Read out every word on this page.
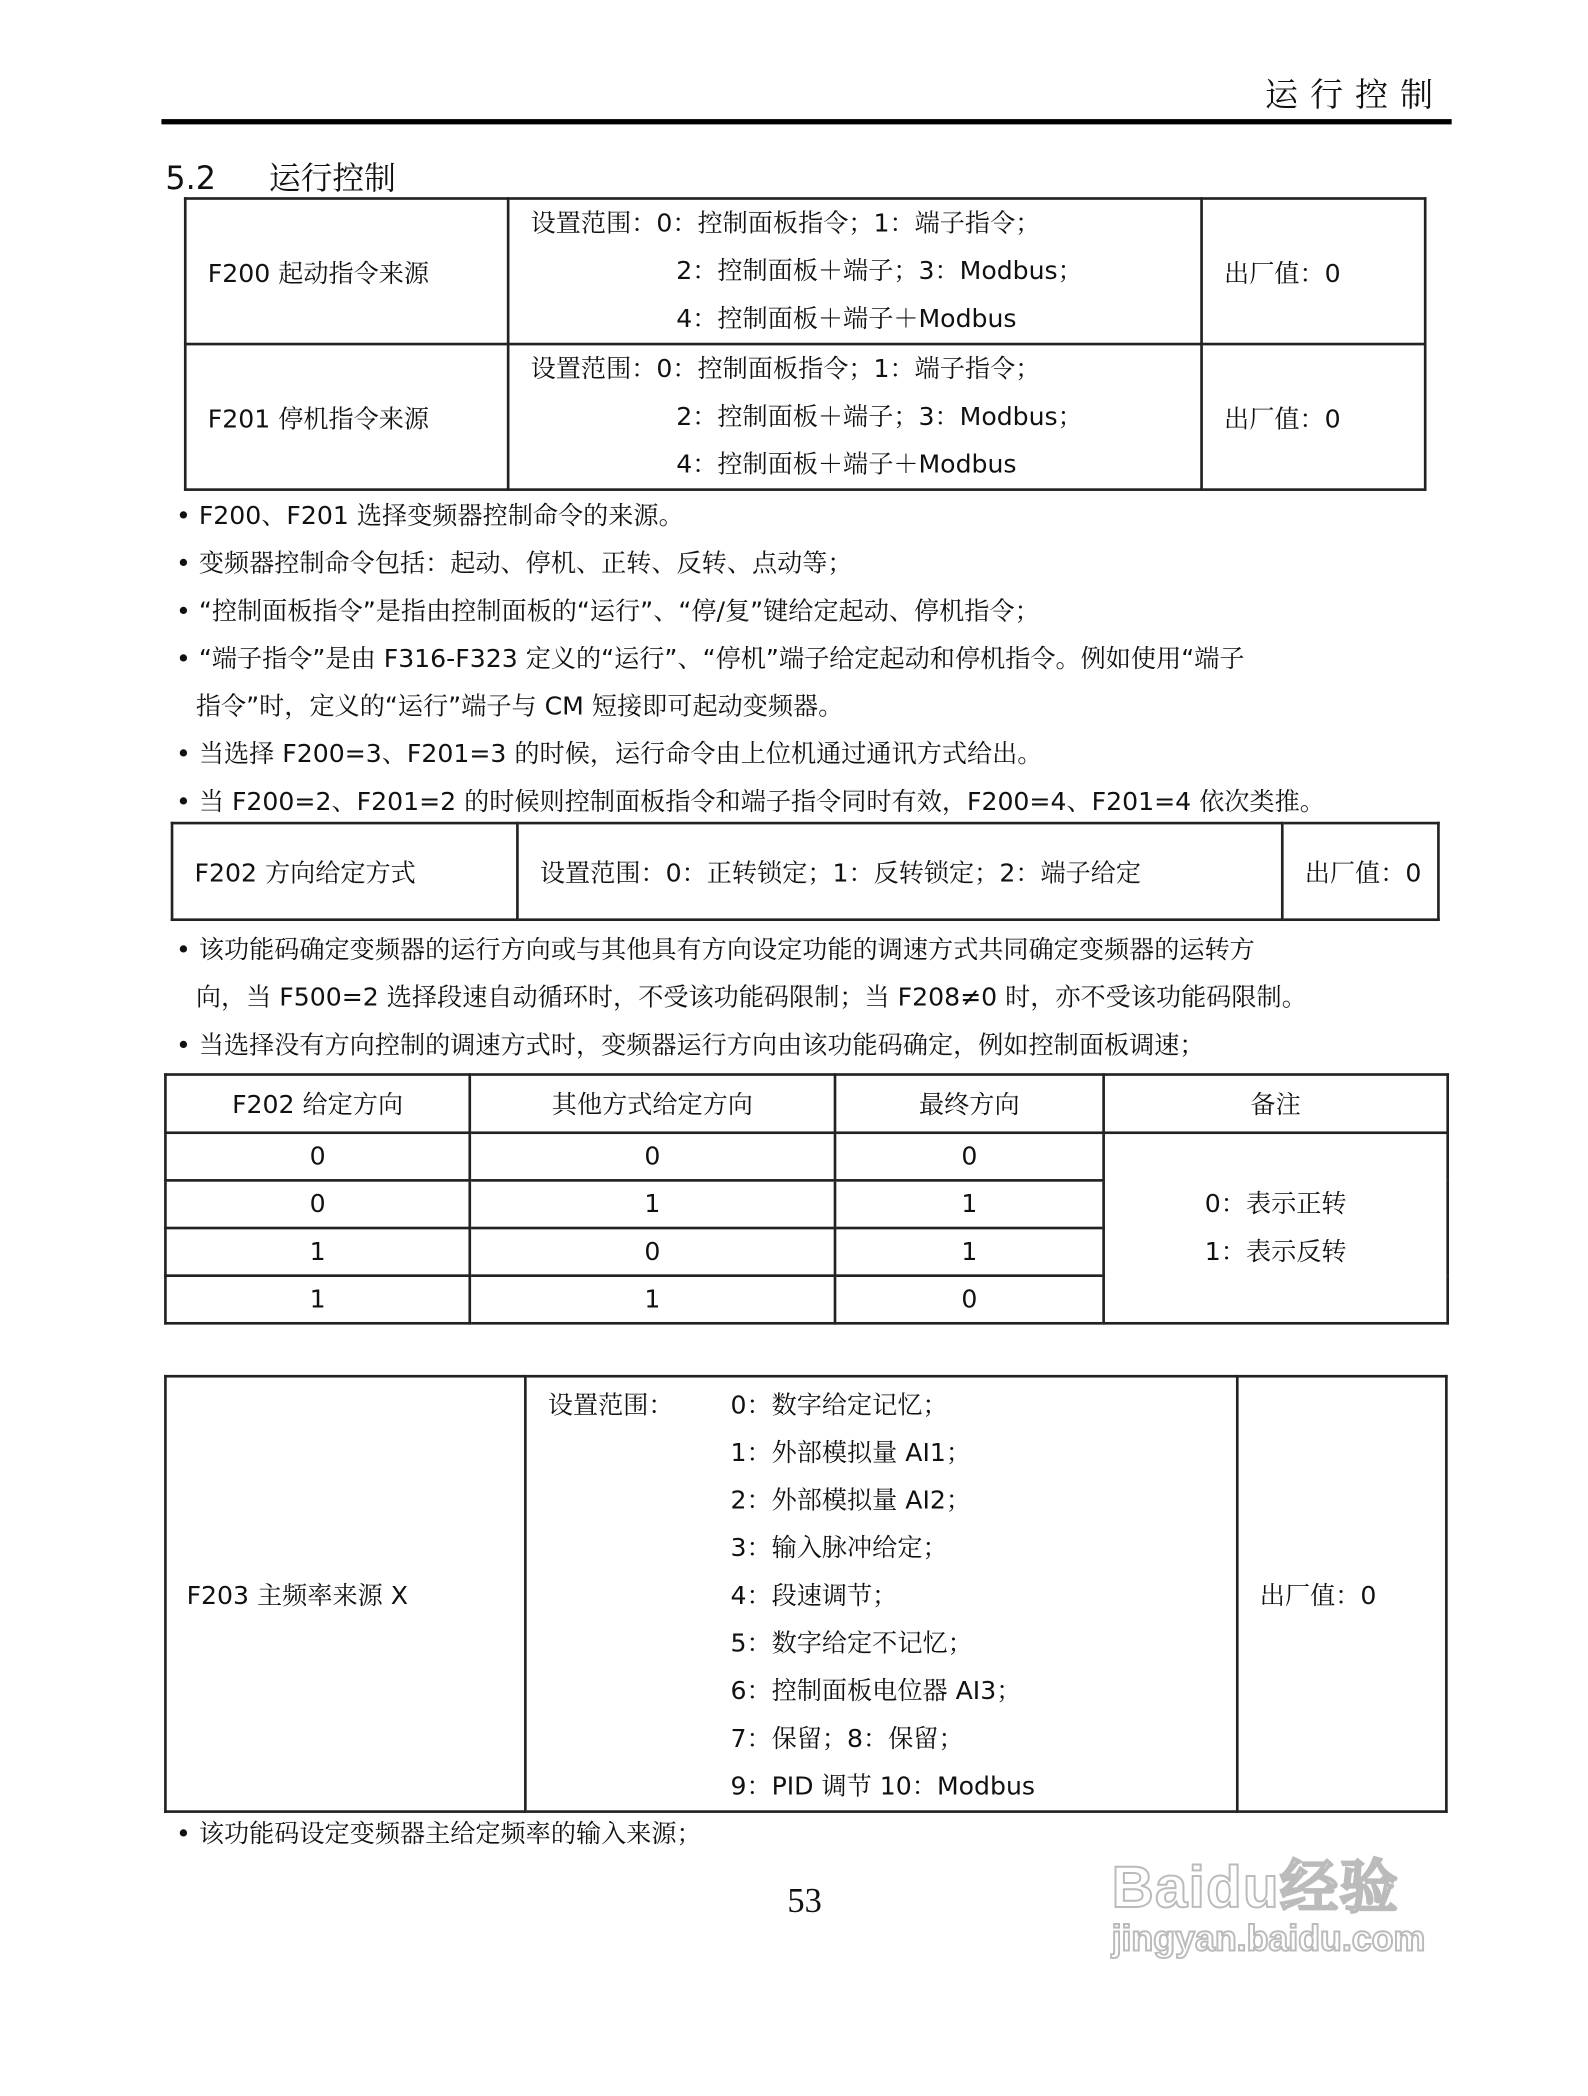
运行控制
5.2 运行控制
F200 起动指令来源	设置范围：0：控制面板指令；1：端子指令；
2：控制面板＋端子；3：Modbus；
4：控制面板＋端子＋Modbus	出厂值：0
F201 停机指令来源	设置范围：0：控制面板指令；1：端子指令；
2：控制面板＋端子；3：Modbus；
4：控制面板＋端子＋Modbus	出厂值：0
• F200、F201 选择变频器控制命令的来源。
• 变频器控制命令包括：起动、停机、正转、反转、点动等；
• “控制面板指令”是指由控制面板的“运行”、“停/复”键给定起动、停机指令；
• “端子指令”是由 F316-F323 定义的“运行”、“停机”端子给定起动和停机指令。例如使用“端子
指令”时，定义的“运行”端子与 CM 短接即可起动变频器。
• 当选择 F200=3、F201=3 的时候，运行命令由上位机通过通讯方式给出。
• 当 F200=2、F201=2 的时候则控制面板指令和端子指令同时有效，F200=4、F201=4 依次类推。
F202 方向给定方式	设置范围：0：正转锁定；1：反转锁定；2：端子给定	出厂值：0
• 该功能码确定变频器的运行方向或与其他具有方向设定功能的调速方式共同确定变频器的运转方
向，当 F500=2 选择段速自动循环时，不受该功能码限制；当 F208≠0 时，亦不受该功能码限制。
• 当选择没有方向控制的调速方式时，变频器运行方向由该功能码确定，例如控制面板调速；
F202 给定方向	其他方式给定方向	最终方向	备注
0	0	0	0：表示正转
1：表示反转

0	1	1	
1	0	1	
1	1	0	
F203 主频率来源 X	
设置范围：	0：数字给定记忆；
1：外部模拟量 AI1；
2：外部模拟量 AI2；
3：输入脉冲给定；
4：段速调节；
5：数字给定不记忆；
6：控制面板电位器 AI3；
7：保留；8：保留；
9：PID 调节 10：Modbus
	出厂值：0
• 该功能码设定变频器主给定频率的输入来源；
53	Baidu经验
jingyan.baidu.com
